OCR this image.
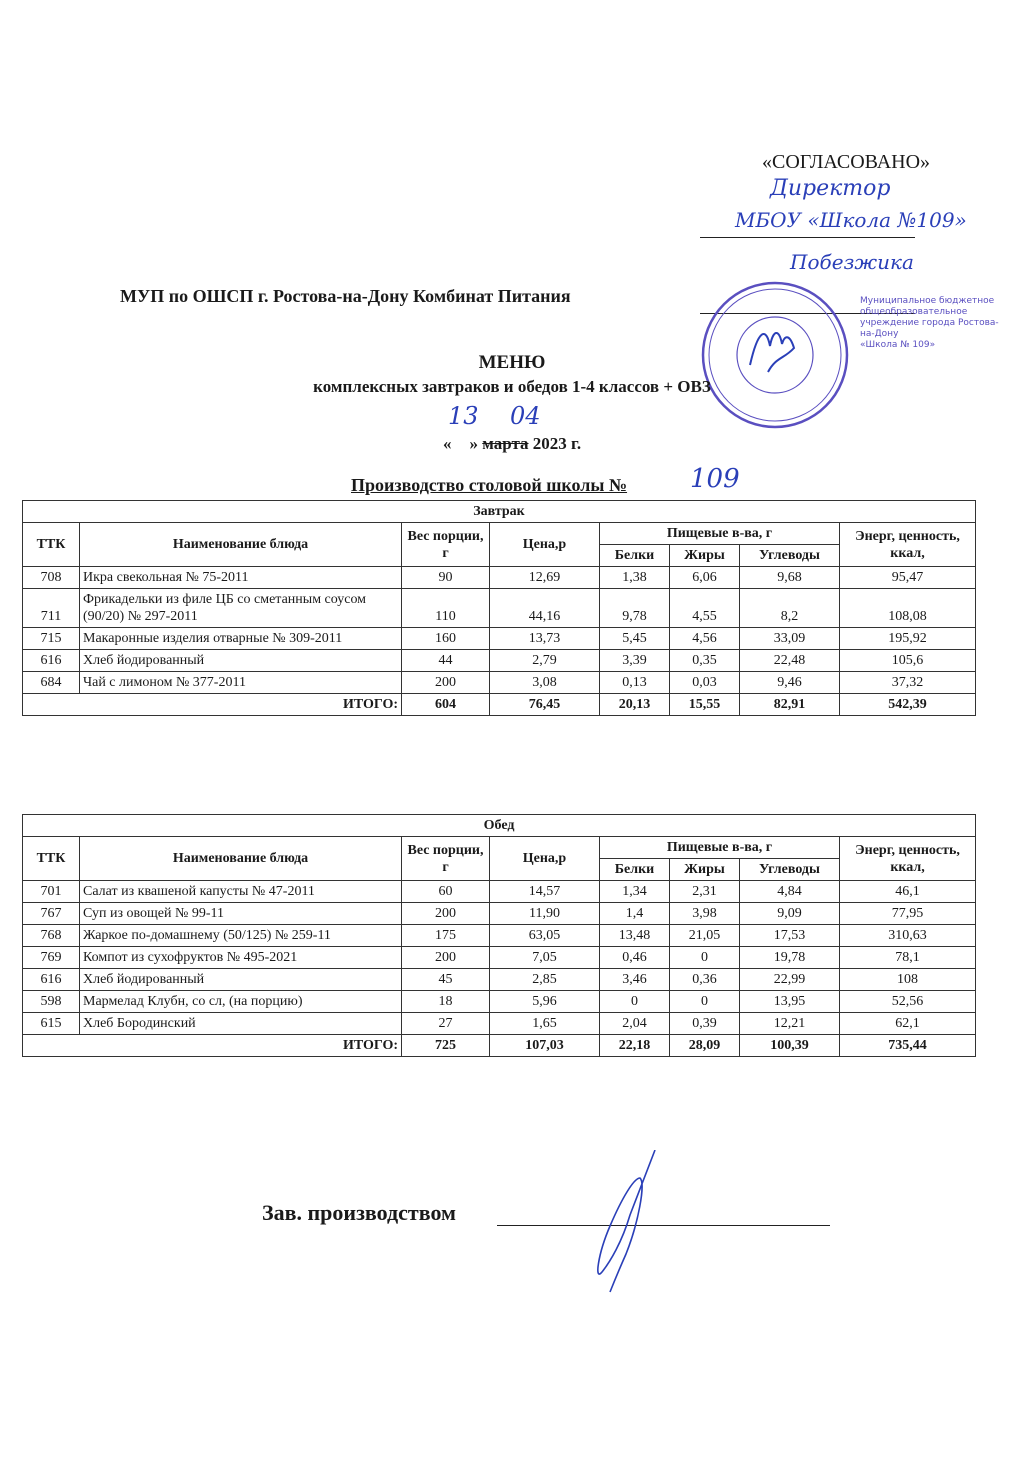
«СОГЛАСОВАНО»
Директор
МБОУ «Школа №109»
Побезжика
Муниципальное бюджетное общеобразовательное учреждение города Ростова-на-Дону
«Школа № 109»
МУП по ОШСП г. Ростова-на-Дону Комбинат Питания
МЕНЮ
комплексных завтраков и обедов 1-4 классов + ОВЗ
13 04
« » марта 2023 г.
Производство столовой школы № 109
Завтрак							
ТТК	Наименование блюда	Вес порции, г	Цена,р	Пищевые в-ва, г			Энерг, ценность, ккал,
				Белки	Жиры	Углеводы	
708	Икра свекольная № 75-2011	90	12,69	1,38	6,06	9,68	95,47
711	Фрикадельки из филе ЦБ со сметанным соусом (90/20) № 297-2011	110	44,16	9,78	4,55	8,2	108,08
715	Макаронные изделия отварные № 309-2011	160	13,73	5,45	4,56	33,09	195,92
616	Хлеб йодированный	44	2,79	3,39	0,35	22,48	105,6
684	Чай с лимоном № 377-2011	200	3,08	0,13	0,03	9,46	37,32
ИТОГО:		604	76,45	20,13	15,55	82,91	542,39
Обед							
ТТК	Наименование блюда	Вес порции, г	Цена,р	Пищевые в-ва, г			Энерг, ценность, ккал,
				Белки	Жиры	Углеводы	
701	Салат из квашеной капусты № 47-2011	60	14,57	1,34	2,31	4,84	46,1
767	Суп из овощей № 99-11	200	11,90	1,4	3,98	9,09	77,95
768	Жаркое по-домашнему (50/125) № 259-11	175	63,05	13,48	21,05	17,53	310,63
769	Компот из сухофруктов № 495-2021	200	7,05	0,46	0	19,78	78,1
616	Хлеб йодированный	45	2,85	3,46	0,36	22,99	108
598	Мармелад Клубн, со сл, (на порцию)	18	5,96	0	0	13,95	52,56
615	Хлеб Бородинский	27	1,65	2,04	0,39	12,21	62,1
ИТОГО:		725	107,03	22,18	28,09	100,39	735,44
Зав. производством
